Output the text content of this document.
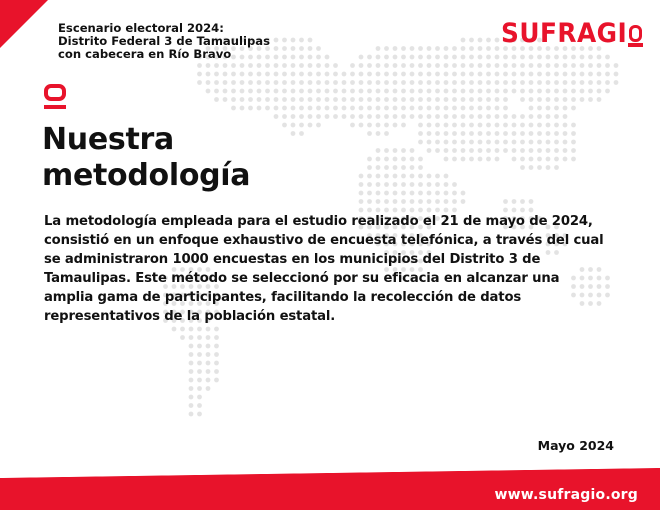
Escenario electoral 2024:
Distrito Federal 3 de Tamaulipas
con cabecera en Río Bravo
SUFRAGI
Nuestra
metodología
La metodología empleada para el estudio realizado el 21 de mayo de 2024,
consistió en un enfoque exhaustivo de encuesta telefónica, a través del cual
se administraron 1000 encuestas en los municipios del Distrito 3 de
Tamaulipas. Este método se seleccionó por su eficacia en alcanzar una
amplia gama de participantes, facilitando la recolección de datos
representativos de la población estatal.
Mayo 2024
www.sufragio.org
